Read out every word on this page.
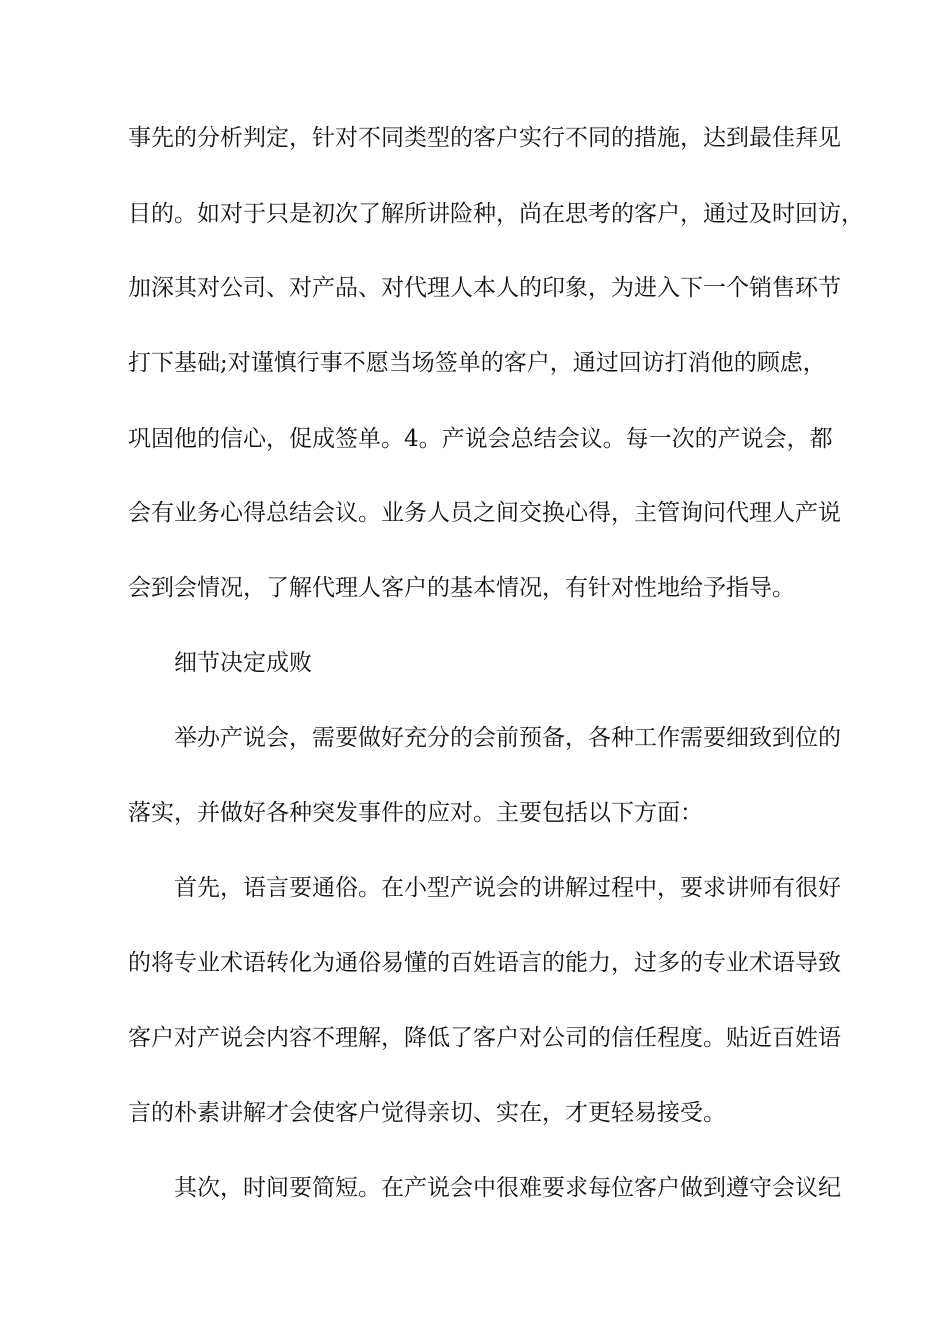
事先的分析判定，针对不同类型的客户实行不同的措施，达到最佳拜见

目的。如对于只是初次了解所讲险种，尚在思考的客户，通过及时回访，

加深其对公司、对产品、对代理人本人的印象，为进入下一个销售环节

打下基础;对谨慎行事不愿当场签单的客户，通过回访打消他的顾虑，

巩固他的信心，促成签单。4。产说会总结会议。每一次的产说会，都

会有业务心得总结会议。业务人员之间交换心得，主管询问代理人产说

会到会情况，了解代理人客户的基本情况，有针对性地给予指导。

细节决定成败

举办产说会，需要做好充分的会前预备，各种工作需要细致到位的

落实，并做好各种突发事件的应对。主要包括以下方面：

首先，语言要通俗。在小型产说会的讲解过程中，要求讲师有很好

的将专业术语转化为通俗易懂的百姓语言的能力，过多的专业术语导致

客户对产说会内容不理解，降低了客户对公司的信任程度。贴近百姓语

言的朴素讲解才会使客户觉得亲切、实在，才更轻易接受。

其次，时间要简短。在产说会中很难要求每位客户做到遵守会议纪
